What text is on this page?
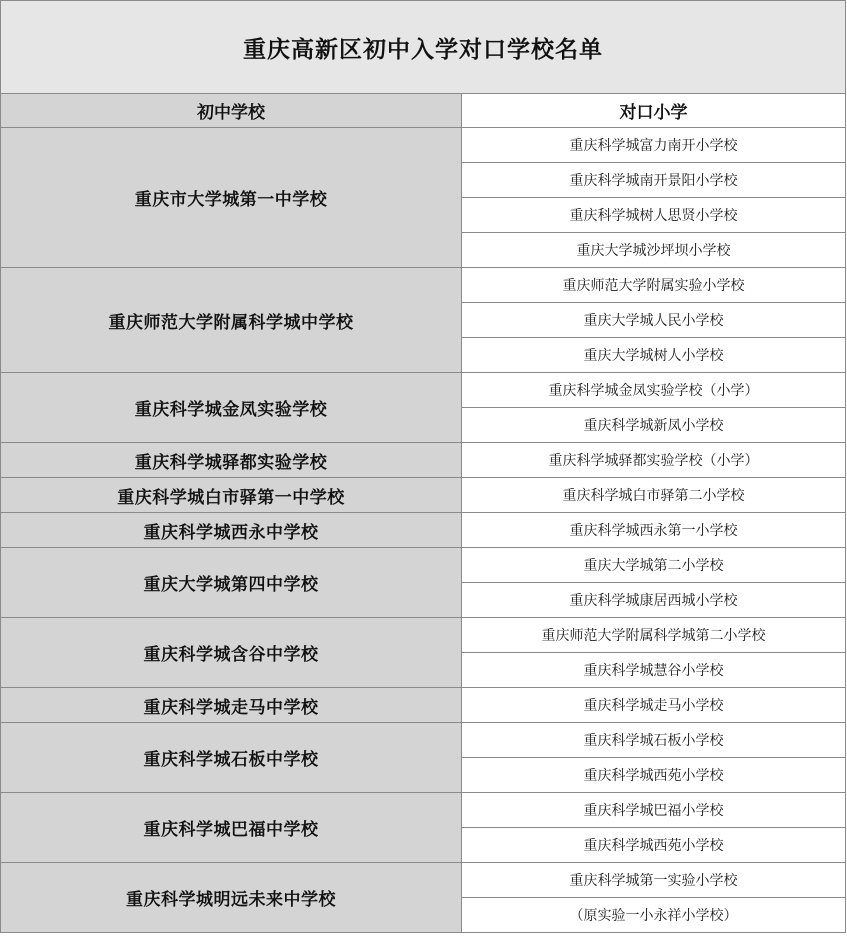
重庆高新区初中入学对口学校名单	
初中学校	对口小学
重庆市大学城第一中学校	重庆科学城富力南开小学校
	重庆科学城南开景阳小学校
	重庆科学城树人思贤小学校
	重庆大学城沙坪坝小学校
重庆师范大学附属科学城中学校	重庆师范大学附属实验小学校
	重庆大学城人民小学校
	重庆大学城树人小学校
重庆科学城金凤实验学校	重庆科学城金凤实验学校（小学）
	重庆科学城新凤小学校
重庆科学城驿都实验学校	重庆科学城驿都实验学校（小学）
重庆科学城白市驿第一中学校	重庆科学城白市驿第二小学校
重庆科学城西永中学校	重庆科学城西永第一小学校
重庆大学城第四中学校	重庆大学城第二小学校
	重庆科学城康居西城小学校
重庆科学城含谷中学校	重庆师范大学附属科学城第二小学校
	重庆科学城慧谷小学校
重庆科学城走马中学校	重庆科学城走马小学校
重庆科学城石板中学校	重庆科学城石板小学校
	重庆科学城西苑小学校
重庆科学城巴福中学校	重庆科学城巴福小学校
	重庆科学城西苑小学校
重庆科学城明远未来中学校	重庆科学城第一实验小学校
	（原实验一小永祥小学校）
